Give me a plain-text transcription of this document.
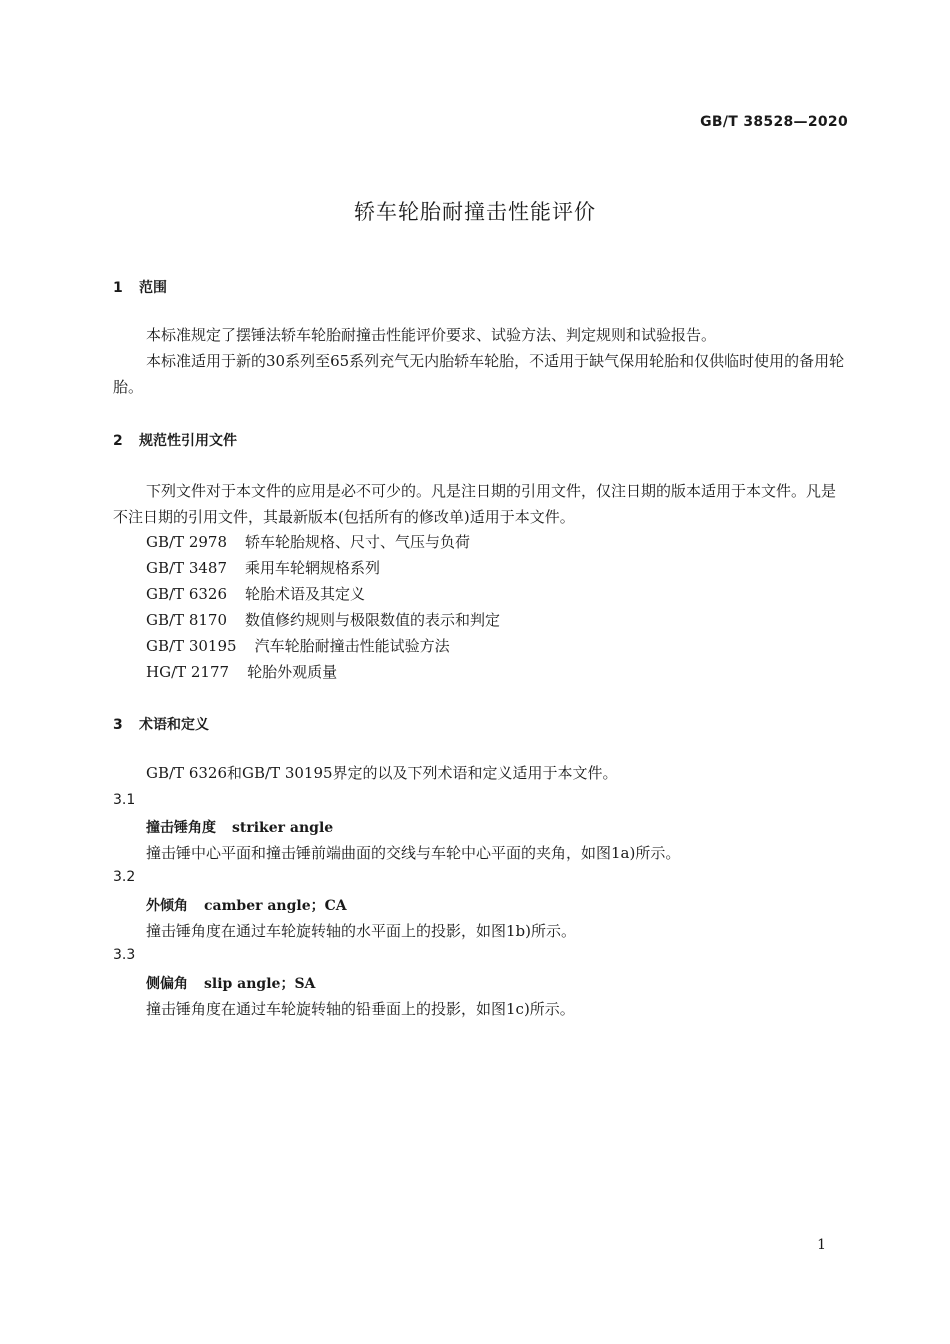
GB/T 38528—2020
轿车轮胎耐撞击性能评价
1 范围
本标准规定了摆锤法轿车轮胎耐撞击性能评价要求、试验方法、判定规则和试验报告。
本标准适用于新的30系列至65系列充气无内胎轿车轮胎，不适用于缺气保用轮胎和仅供临时使用的备用轮胎。
2 规范性引用文件
下列文件对于本文件的应用是必不可少的。凡是注日期的引用文件，仅注日期的版本适用于本文件。凡是不注日期的引用文件，其最新版本(包括所有的修改单)适用于本文件。
GB/T 2978 轿车轮胎规格、尺寸、气压与负荷
GB/T 3487 乘用车轮辋规格系列
GB/T 6326 轮胎术语及其定义
GB/T 8170 数值修约规则与极限数值的表示和判定
GB/T 30195 汽车轮胎耐撞击性能试验方法
HG/T 2177 轮胎外观质量
3 术语和定义
GB/T 6326和GB/T 30195界定的以及下列术语和定义适用于本文件。
3.1
撞击锤角度 striker angle
撞击锤中心平面和撞击锤前端曲面的交线与车轮中心平面的夹角，如图1a)所示。
3.2
外倾角 camber angle；CA
撞击锤角度在通过车轮旋转轴的水平面上的投影，如图1b)所示。
3.3
侧偏角 slip angle；SA
撞击锤角度在通过车轮旋转轴的铅垂面上的投影，如图1c)所示。
1
